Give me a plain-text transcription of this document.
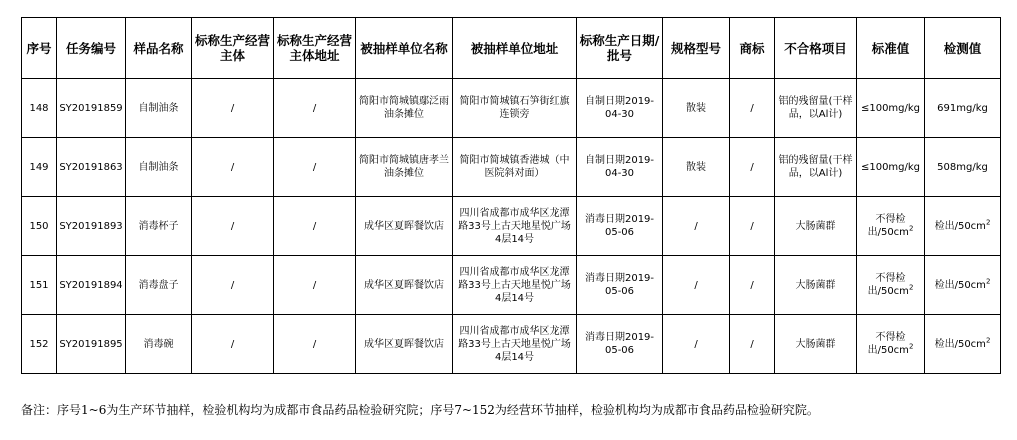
序号	任务编号	样品名称	标称生产经营主体	标称生产经营主体地址	被抽样单位名称	被抽样单位地址	标称生产日期/批号	规格型号	商标	不合格项目	标准值	检测值
148	SY20191859	自制油条	/	/	简阳市简城镇鄢泛雨油条摊位	简阳市简城镇石笋街红旗连锁旁	自制日期2019-04-30	散装	/	铝的残留量(干样品，以Al计)	≤100mg/kg	691mg/kg
149	SY20191863	自制油条	/	/	简阳市简城镇唐孝兰油条摊位	简阳市简城镇香港城（中医院斜对面）	自制日期2019-04-30	散装	/	铝的残留量(干样品，以Al计)	≤100mg/kg	508mg/kg
150	SY20191893	消毒杯子	/	/	成华区夏晖餐饮店	四川省成都市成华区龙潭路33号上古天地星悦广场4层14号	消毒日期2019-05-06	/	/	大肠菌群	不得检出$/50cm^2$	检出$/50cm^2$
151	SY20191894	消毒盘子	/	/	成华区夏晖餐饮店	四川省成都市成华区龙潭路33号上古天地星悦广场4层14号	消毒日期2019-05-06	/	/	大肠菌群	不得检出$/50cm^2$	检出$/50cm^2$
152	SY20191895	消毒碗	/	/	成华区夏晖餐饮店	四川省成都市成华区龙潭路33号上古天地星悦广场4层14号	消毒日期2019-05-06	/	/	大肠菌群	不得检出$/50cm^2$	检出$/50cm^2$
备注：序号1~6为生产环节抽样，检验机构均为成都市食品药品检验研究院；序号7~152为经营环节抽样，检验机构均为成都市食品药品检验研究院。
